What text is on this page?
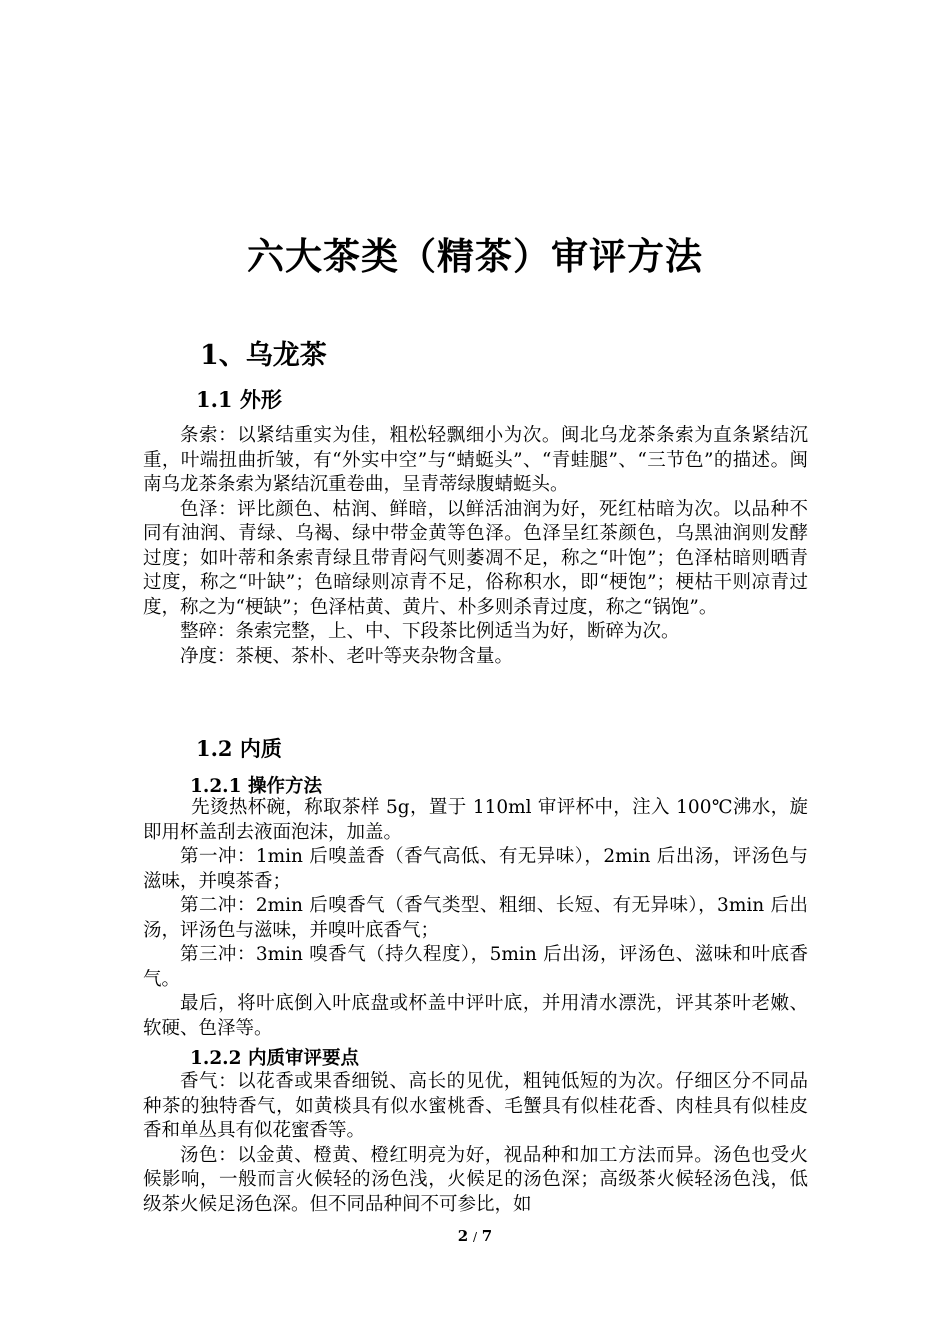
六大茶类（精茶）审评方法
1、乌龙茶
1.1 外形

条索：以紧结重实为佳，粗松轻飘细小为次。闽北乌龙茶条索为直条紧结沉重，叶端扭曲折皱，有“外实中空”与“蜻蜓头”、“青蛙腿”、“三节色”的描述。闽南乌龙茶条索为紧结沉重卷曲，呈青蒂绿腹蜻蜓头。

色泽：评比颜色、枯润、鲜暗，以鲜活油润为好，死红枯暗为次。以品种不同有油润、青绿、乌褐、绿中带金黄等色泽。色泽呈红茶颜色，乌黑油润则发酵过度；如叶蒂和条索青绿且带青闷气则萎凋不足，称之“叶饱”；色泽枯暗则晒青过度，称之“叶缺”；色暗绿则凉青不足，俗称积水，即“梗饱”；梗枯干则凉青过度，称之为“梗缺”；色泽枯黄、黄片、朴多则杀青过度，称之“锅饱”。

整碎：条索完整，上、中、下段茶比例适当为好，断碎为次。

净度：茶梗、茶朴、老叶等夹杂物含量。

1.2 内质
1.2.1 操作方法

先烫热杯碗，称取茶样 5g，置于 110ml 审评杯中，注入 100℃沸水，旋即用杯盖刮去液面泡沫，加盖。

第一冲：1min 后嗅盖香（香气高低、有无异味），2min 后出汤，评汤色与滋味，并嗅茶香；

第二冲：2min 后嗅香气（香气类型、粗细、长短、有无异味），3min 后出汤，评汤色与滋味，并嗅叶底香气；

第三冲：3min 嗅香气（持久程度），5min 后出汤，评汤色、滋味和叶底香气。

最后，将叶底倒入叶底盘或杯盖中评叶底，并用清水漂洗，评其茶叶老嫩、软硬、色泽等。

1.2.2 内质审评要点

香气：以花香或果香细锐、高长的见优，粗钝低短的为次。仔细区分不同品种茶的独特香气，如黄棪具有似水蜜桃香、毛蟹具有似桂花香、肉桂具有似桂皮香和单丛具有似花蜜香等。

汤色：以金黄、橙黄、橙红明亮为好，视品种和加工方法而异。汤色也受火候影响，一般而言火候轻的汤色浅，火候足的汤色深；高级茶火候轻汤色浅，低级茶火候足汤色深。但不同品种间不可参比，如

2 / 7
